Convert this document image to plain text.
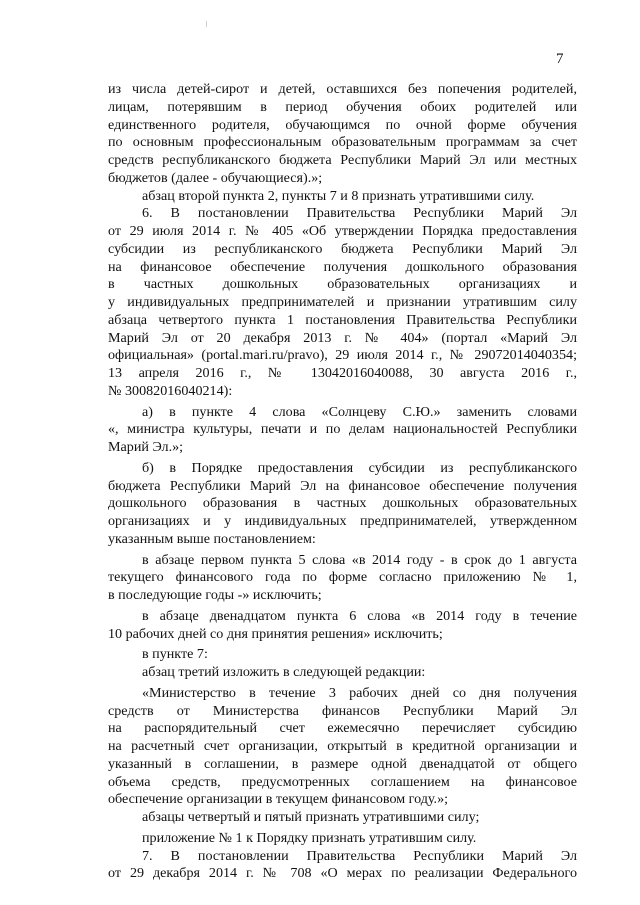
7
из числа детей-сирот и детей, оставшихся без попечения родителей,
лицам, потерявшим в период обучения обоих родителей или
единственного родителя, обучающимся по очной форме обучения
по основным профессиональным образовательным программам за счет
средств республиканского бюджета Республики Марий Эл или местных
бюджетов (далее - обучающиеся).»;
абзац второй пункта 2, пункты 7 и 8 признать утратившими силу.
6. В постановлении Правительства Республики Марий Эл
от 29 июля 2014 г. № 405 «Об утверждении Порядка предоставления
субсидии из республиканского бюджета Республики Марий Эл
на финансовое обеспечение получения дошкольного образования
в частных дошкольных образовательных организациях и
у индивидуальных предпринимателей и признании утратившим силу
абзаца четвертого пункта 1 постановления Правительства Республики
Марий Эл от 20 декабря 2013 г. № 404» (портал «Марий Эл
официальная» (portal.mari.ru/pravo), 29 июля 2014 г., № 29072014040354;
13 апреля 2016 г., № 13042016040088, 30 августа 2016 г.,
№ 30082016040214):
а) в пункте 4 слова «Солнцеву С.Ю.» заменить словами
«, министра культуры, печати и по делам национальностей Республики
Марий Эл.»;
б) в Порядке предоставления субсидии из республиканского
бюджета Республики Марий Эл на финансовое обеспечение получения
дошкольного образования в частных дошкольных образовательных
организациях и у индивидуальных предпринимателей, утвержденном
указанным выше постановлением:
в абзаце первом пункта 5 слова «в 2014 году - в срок до 1 августа
текущего финансового года по форме согласно приложению № 1,
в последующие годы -» исключить;
в абзаце двенадцатом пункта 6 слова «в 2014 году в течение
10 рабочих дней со дня принятия решения» исключить;
в пункте 7:
абзац третий изложить в следующей редакции:
«Министерство в течение 3 рабочих дней со дня получения
средств от Министерства финансов Республики Марий Эл
на распорядительный счет ежемесячно перечисляет субсидию
на расчетный счет организации, открытый в кредитной организации и
указанный в соглашении, в размере одной двенадцатой от общего
объема средств, предусмотренных соглашением на финансовое
обеспечение организации в текущем финансовом году.»;
абзацы четвертый и пятый признать утратившими силу;
приложение № 1 к Порядку признать утратившим силу.
7. В постановлении Правительства Республики Марий Эл
от 29 декабря 2014 г. № 708 «О мерах по реализации Федерального
